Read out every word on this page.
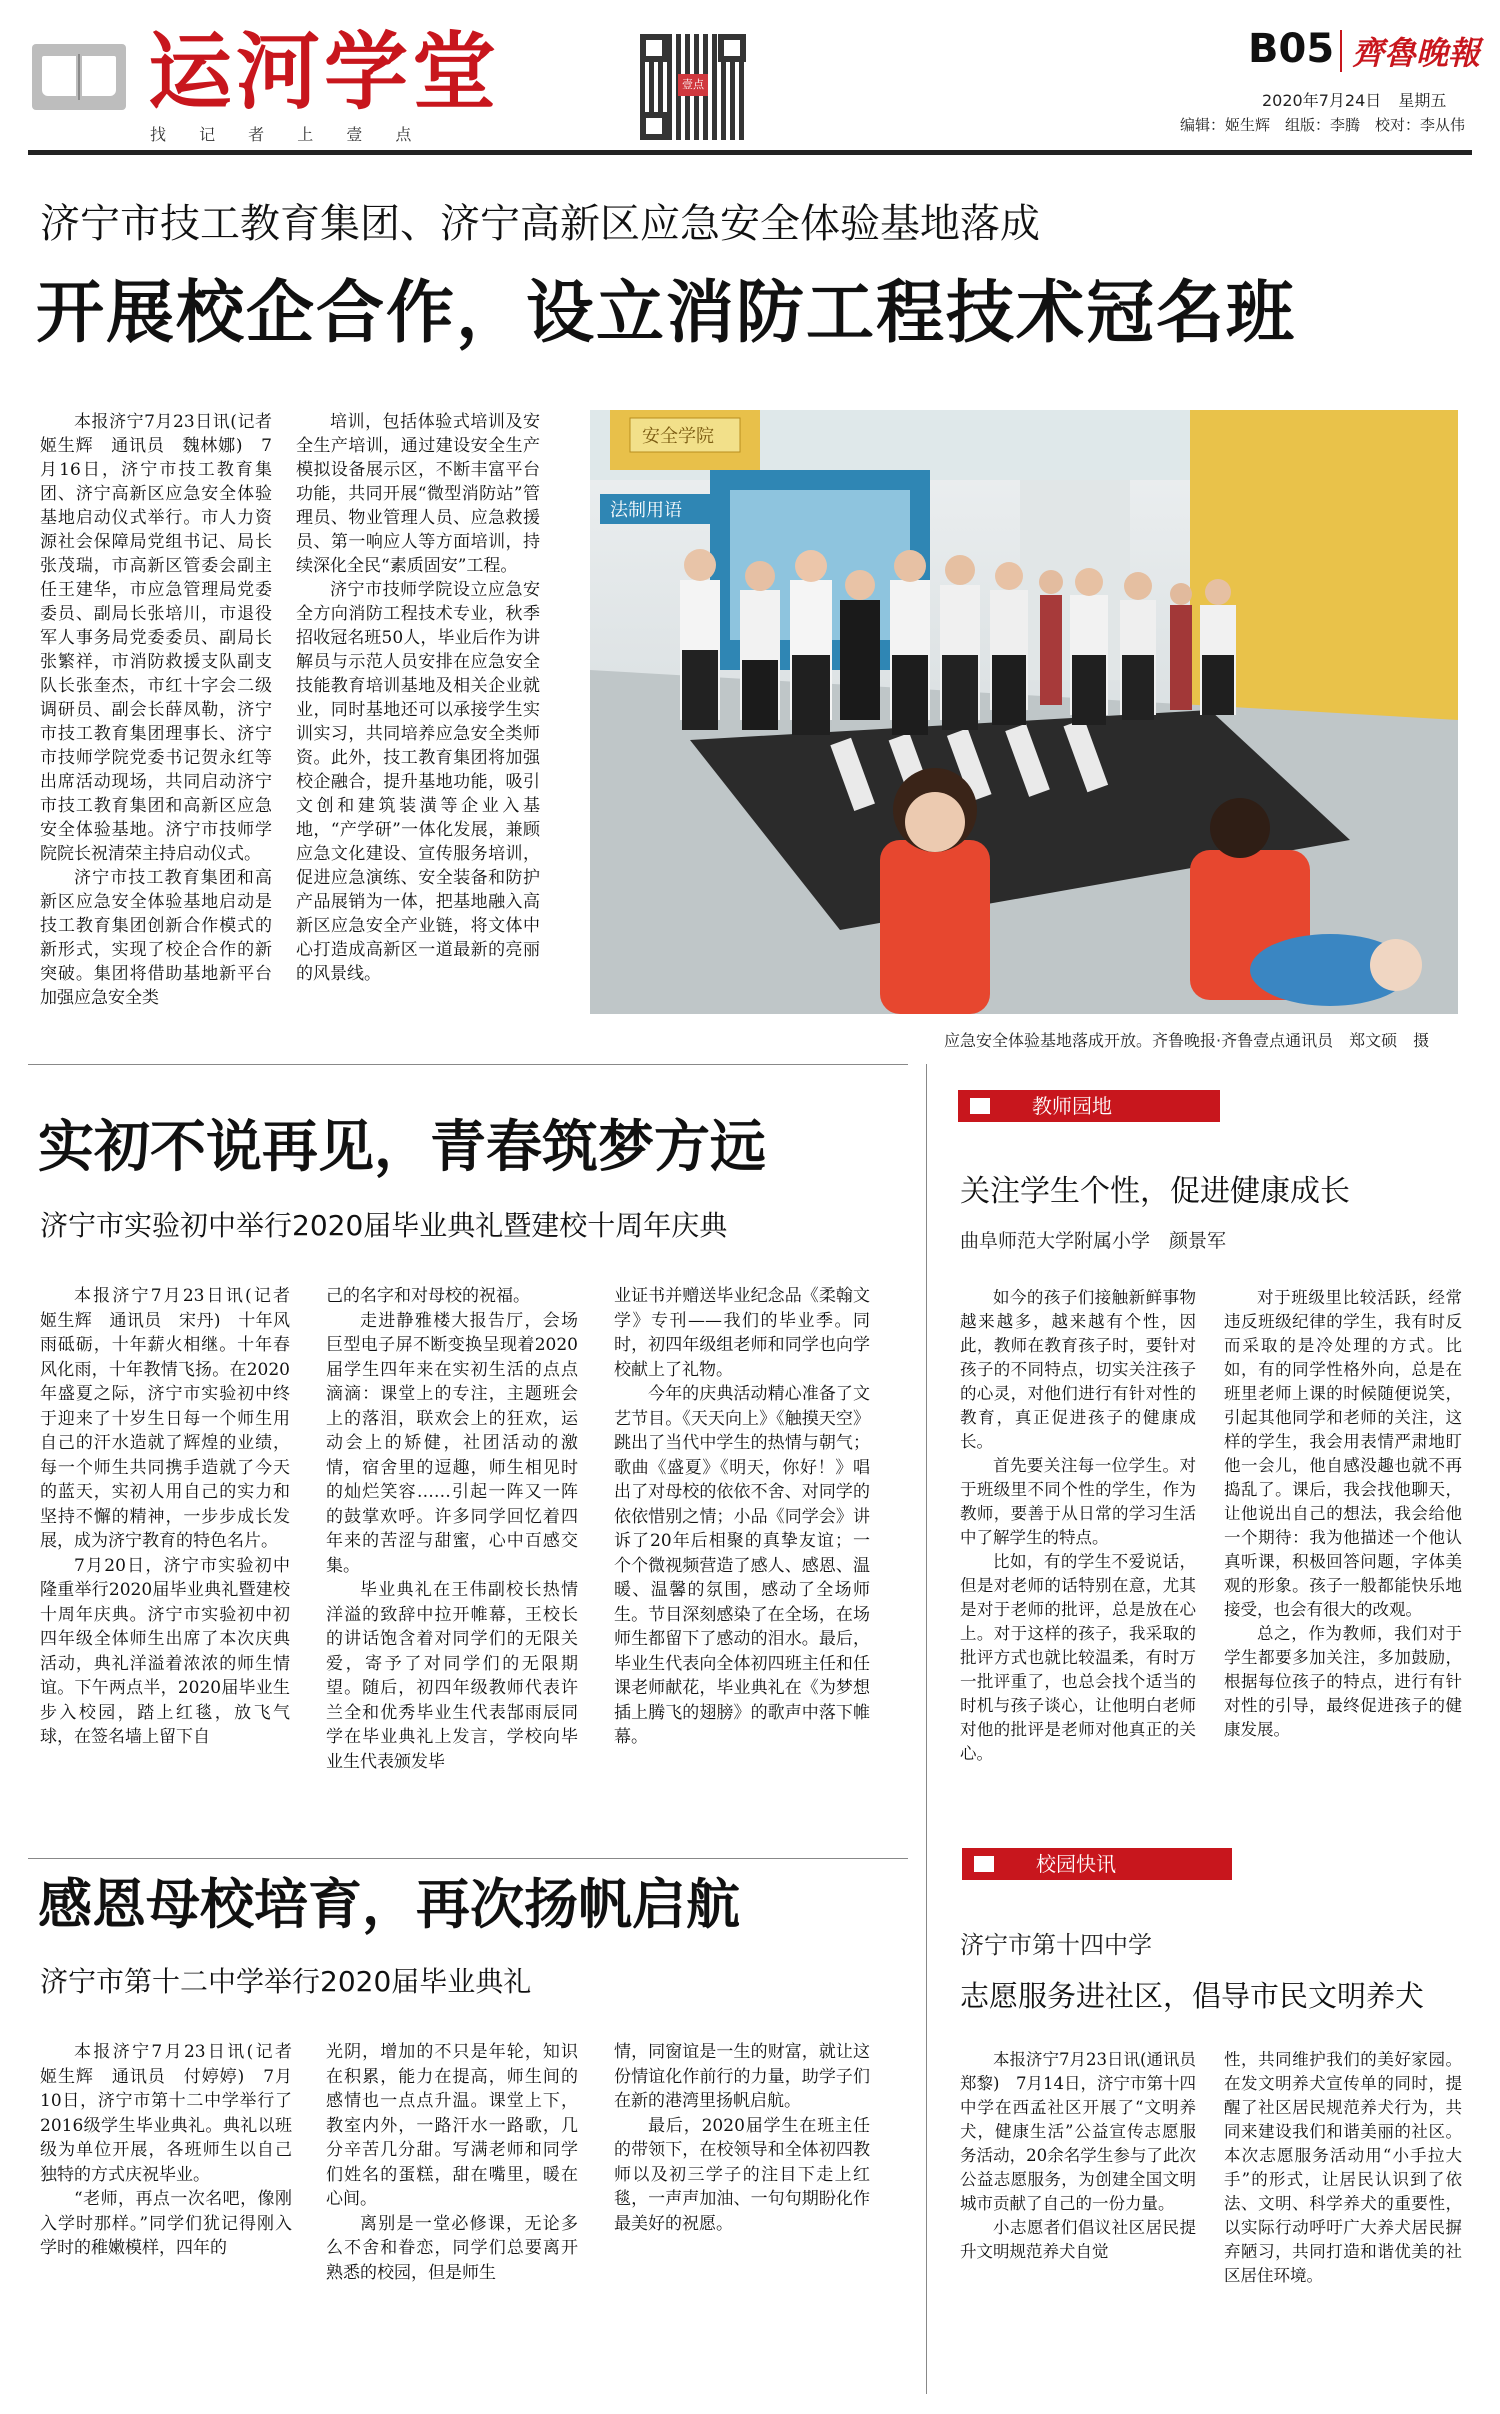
运河学堂
找 记 者 上 壹 点
壹点
B05 齊魯晚報
2020年7月24日 星期五
编辑：姬生辉　组版：李腾　校对：李从伟
济宁市技工教育集团、济宁高新区应急安全体验基地落成
开展校企合作，设立消防工程技术冠名班

本报济宁7月23日讯(记者　姬生辉　通讯员　魏林娜)　7月16日，济宁市技工教育集团、济宁高新区应急安全体验基地启动仪式举行。市人力资源社会保障局党组书记、局长张茂瑞，市高新区管委会副主任王建华，市应急管理局党委委员、副局长张培川，市退役军人事务局党委委员、副局长张繁祥，市消防救援支队副支队长张奎杰，市红十字会二级调研员、副会长薛凤勒，济宁市技工教育集团理事长、济宁市技师学院党委书记贺永红等出席活动现场，共同启动济宁市技工教育集团和高新区应急安全体验基地。济宁市技师学院院长祝清荣主持启动仪式。

济宁市技工教育集团和高新区应急安全体验基地启动是技工教育集团创新合作模式的新形式，实现了校企合作的新突破。集团将借助基地新平台加强应急安全类

培训，包括体验式培训及安全生产培训，通过建设安全生产模拟设备展示区，不断丰富平台功能，共同开展“微型消防站”管理员、物业管理人员、应急救援员、第一响应人等方面培训，持续深化全民“素质固安”工程。

济宁市技师学院设立应急安全方向消防工程技术专业，秋季招收冠名班50人，毕业后作为讲解员与示范人员安排在应急安全技能教育培训基地及相关企业就业，同时基地还可以承接学生实训实习，共同培养应急安全类师资。此外，技工教育集团将加强校企融合，提升基地功能，吸引文创和建筑装潢等企业入基地，“产学研”一体化发展，兼顾应急文化建设、宣传服务培训，促进应急演练、安全装备和防护产品展销为一体，把基地融入高新区应急安全产业链，将文体中心打造成高新区一道最新的亮丽的风景线。

安全学院
法制用语
应急安全体验基地落成开放。齐鲁晚报·齐鲁壹点通讯员　郑文硕　摄
实初不说再见，青春筑梦方远
济宁市实验初中举行2020届毕业典礼暨建校十周年庆典

本报济宁7月23日讯(记者　姬生辉　通讯员　宋丹)　十年风雨砥砺，十年薪火相继。十年春风化雨，十年教情飞扬。在2020年盛夏之际，济宁市实验初中终于迎来了十岁生日每一个师生用自己的汗水造就了辉煌的业绩，每一个师生共同携手造就了今天的蓝天，实初人用自己的实力和坚持不懈的精神，一步步成长发展，成为济宁教育的特色名片。

7月20日，济宁市实验初中隆重举行2020届毕业典礼暨建校十周年庆典。济宁市实验初中初四年级全体师生出席了本次庆典活动，典礼洋溢着浓浓的师生情谊。下午两点半，2020届毕业生步入校园，踏上红毯，放飞气球，在签名墙上留下自

己的名字和对母校的祝福。

走进静雅楼大报告厅，会场巨型电子屏不断变换呈现着2020届学生四年来在实初生活的点点滴滴：课堂上的专注，主题班会上的落泪，联欢会上的狂欢，运动会上的矫健，社团活动的激情，宿舍里的逗趣，师生相见时的灿烂笑容……引起一阵又一阵的鼓掌欢呼。许多同学回忆着四年来的苦涩与甜蜜，心中百感交集。

毕业典礼在王伟副校长热情洋溢的致辞中拉开帷幕，王校长的讲话饱含着对同学们的无限关爱，寄予了对同学们的无限期望。随后，初四年级教师代表许兰全和优秀毕业生代表郜雨辰同学在毕业典礼上发言，学校向毕业生代表颁发毕

业证书并赠送毕业纪念品《柔翰文学》专刊——我们的毕业季。同时，初四年级组老师和同学也向学校献上了礼物。

今年的庆典活动精心准备了文艺节目。《天天向上》《触摸天空》跳出了当代中学生的热情与朝气；歌曲《盛夏》《明天，你好！》唱出了对母校的依依不舍、对同学的依依惜别之情；小品《同学会》讲诉了20年后相聚的真挚友谊；一个个微视频营造了感人、感恩、温暖、温馨的氛围，感动了全场师生。节目深刻感染了在全场，在场师生都留下了感动的泪水。最后，毕业生代表向全体初四班主任和任课老师献花，毕业典礼在《为梦想插上腾飞的翅膀》的歌声中落下帷幕。

感恩母校培育，再次扬帆启航
济宁市第十二中学举行2020届毕业典礼

本报济宁7月23日讯(记者　姬生辉　通讯员　付婷婷)　7月10日，济宁市第十二中学举行了2016级学生毕业典礼。典礼以班级为单位开展，各班师生以自己独特的方式庆祝毕业。

“老师，再点一次名吧，像刚入学时那样。”同学们犹记得刚入学时的稚嫩模样，四年的

光阴，增加的不只是年轮，知识在积累，能力在提高，师生间的感情也一点点升温。课堂上下，教室内外，一路汗水一路歌，几分辛苦几分甜。写满老师和同学们姓名的蛋糕，甜在嘴里，暖在心间。

离别是一堂必修课，无论多么不舍和眷恋，同学们总要离开熟悉的校园，但是师生

情，同窗谊是一生的财富，就让这份情谊化作前行的力量，助学子们在新的港湾里扬帆启航。

最后，2020届学生在班主任的带领下，在校领导和全体初四教师以及初三学子的注目下走上红毯，一声声加油、一句句期盼化作最美好的祝愿。

教师园地
关注学生个性，促进健康成长
曲阜师范大学附属小学　颜景军

如今的孩子们接触新鲜事物越来越多，越来越有个性，因此，教师在教育孩子时，要针对孩子的不同特点，切实关注孩子的心灵，对他们进行有针对性的教育，真正促进孩子的健康成长。

首先要关注每一位学生。对于班级里不同个性的学生，作为教师，要善于从日常的学习生活中了解学生的特点。

比如，有的学生不爱说话，但是对老师的话特别在意，尤其是对于老师的批评，总是放在心上。对于这样的孩子，我采取的批评方式也就比较温柔，有时万一批评重了，也总会找个适当的时机与孩子谈心，让他明白老师对他的批评是老师对他真正的关心。

对于班级里比较活跃，经常违反班级纪律的学生，我有时反而采取的是冷处理的方式。比如，有的同学性格外向，总是在班里老师上课的时候随便说笑，引起其他同学和老师的关注，这样的学生，我会用表情严肃地盯他一会儿，他自感没趣也就不再捣乱了。课后，我会找他聊天，让他说出自己的想法，我会给他一个期待：我为他描述一个他认真听课，积极回答问题，字体美观的形象。孩子一般都能快乐地接受，也会有很大的改观。

总之，作为教师，我们对于学生都要多加关注，多加鼓励，根据每位孩子的特点，进行有针对性的引导，最终促进孩子的健康发展。

校园快讯
济宁市第十四中学
志愿服务进社区，倡导市民文明养犬

本报济宁7月23日讯(通讯员　郑黎)　7月14日，济宁市第十四中学在西孟社区开展了“文明养犬，健康生活”公益宣传志愿服务活动，20余名学生参与了此次公益志愿服务，为创建全国文明城市贡献了自己的一份力量。

小志愿者们倡议社区居民提升文明规范养犬自觉

性，共同维护我们的美好家园。在发文明养犬宣传单的同时，提醒了社区居民规范养犬行为，共同来建设我们和谐美丽的社区。本次志愿服务活动用“小手拉大手”的形式，让居民认识到了依法、文明、科学养犬的重要性，以实际行动呼吁广大养犬居民摒弃陋习，共同打造和谐优美的社区居住环境。
